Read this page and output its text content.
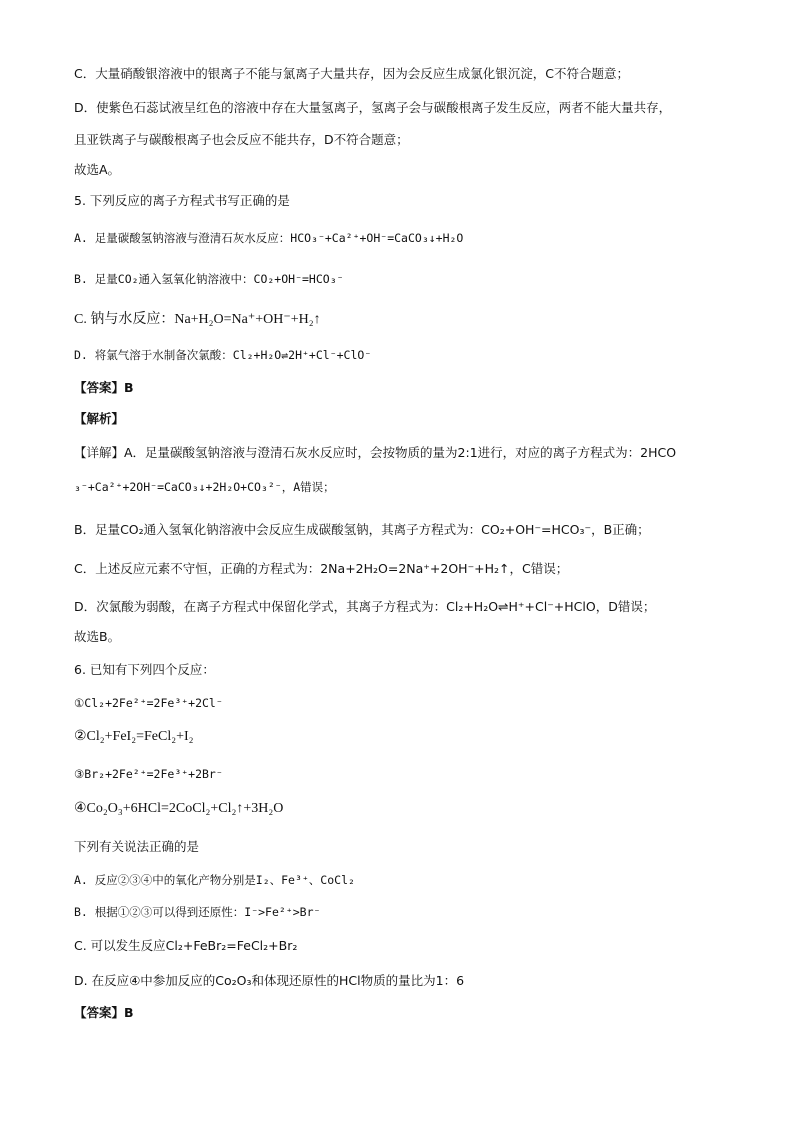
C．大量硝酸银溶液中的银离子不能与氯离子大量共存，因为会反应生成氯化银沉淀，C不符合题意；
D．使紫色石蕊试液呈红色的溶液中存在大量氢离子，氢离子会与碳酸根离子发生反应，两者不能大量共存，
且亚铁离子与碳酸根离子也会反应不能共存，D不符合题意；
故选A。
5. 下列反应的离子方程式书写正确的是
A. 足量碳酸氢钠溶液与澄清石灰水反应：HCO₃⁻+Ca²⁺+OH⁻=CaCO₃↓+H₂O
B. 足量CO₂通入氢氧化钠溶液中：CO₂+OH⁻=HCO₃⁻
C. 钠与水反应：Na+H₂O=Na⁺+OH⁻+H₂↑
D. 将氯气溶于水制备次氯酸：Cl₂+H₂O⇌2H⁺+Cl⁻+ClO⁻
【答案】B
【解析】
【详解】A．足量碳酸氢钠溶液与澄清石灰水反应时，会按物质的量为2:1进行，对应的离子方程式为：2HCO
₃⁻+Ca²⁺+2OH⁻=CaCO₃↓+2H₂O+CO₃²⁻，A错误；
B．足量CO₂通入氢氧化钠溶液中会反应生成碳酸氢钠，其离子方程式为：CO₂+OH⁻=HCO₃⁻，B正确；
C．上述反应元素不守恒，正确的方程式为：2Na+2H₂O=2Na⁺+2OH⁻+H₂↑，C错误；
D．次氯酸为弱酸，在离子方程式中保留化学式，其离子方程式为：Cl₂+H₂O⇌H⁺+Cl⁻+HClO，D错误；
故选B。
6. 已知有下列四个反应：
①Cl₂+2Fe²⁺=2Fe³⁺+2Cl⁻
②Cl₂+FeI₂=FeCl₂+I₂
③Br₂+2Fe²⁺=2Fe³⁺+2Br⁻
④Co₂O₃+6HCl=2CoCl₂+Cl₂↑+3H₂O
下列有关说法正确的是
A. 反应②③④中的氧化产物分别是I₂、Fe³⁺、CoCl₂
B. 根据①②③可以得到还原性：I⁻>Fe²⁺>Br⁻
C. 可以发生反应Cl₂+FeBr₂=FeCl₂+Br₂
D. 在反应④中参加反应的Co₂O₃和体现还原性的HCl物质的量比为1：6
【答案】B
